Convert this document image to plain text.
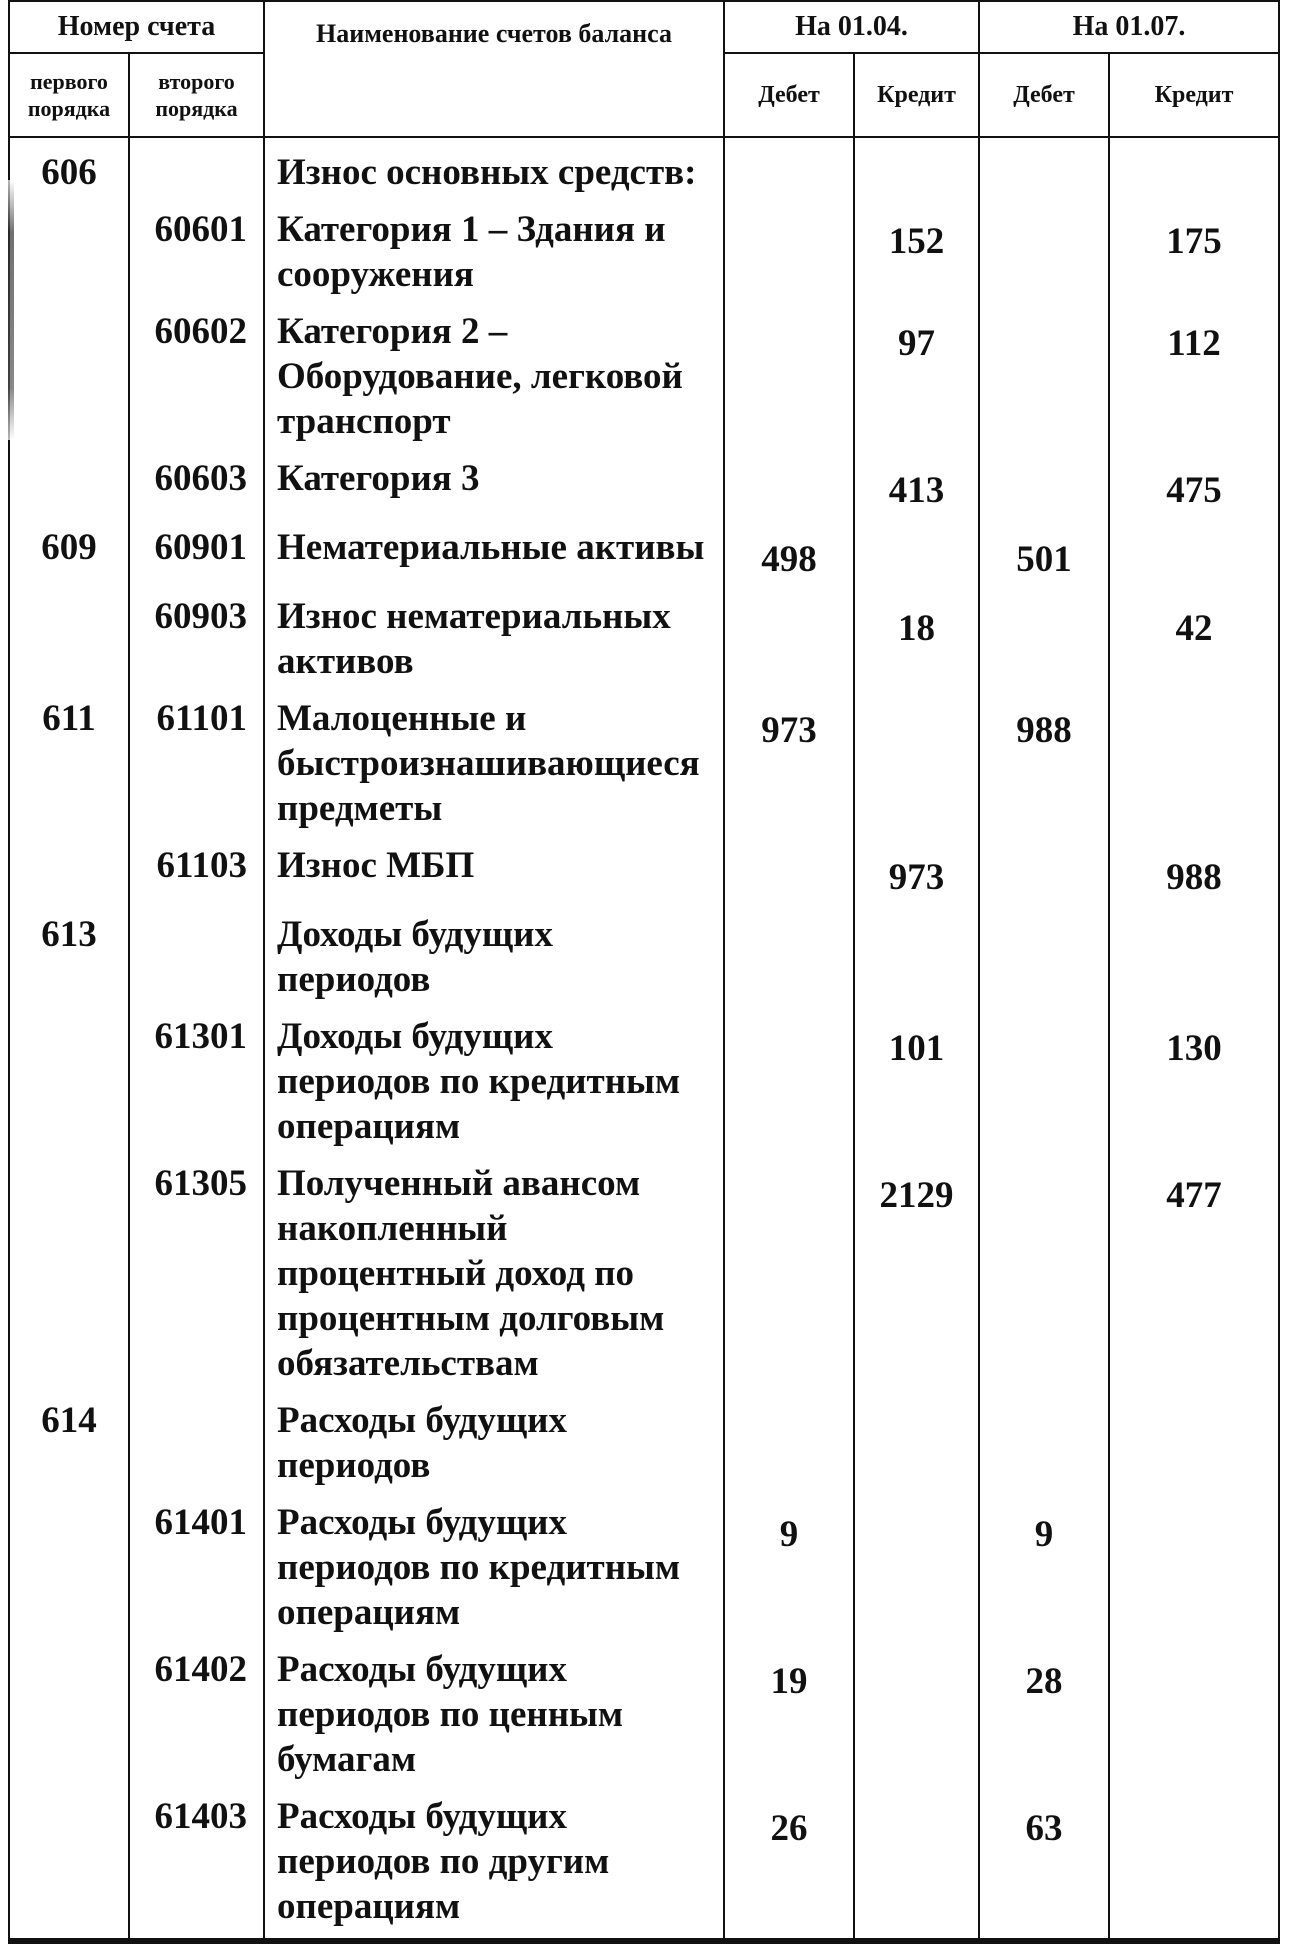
Номер счета		Наименование счетов баланса	На 01.04.		На 01.07.	
первого порядка	второго порядка		Дебет	Кредит	Дебет	Кредит
606		Износ основных средств:				
	60601	Категория 1 – Здания и сооружения		152		175
	60602	Категория 2 – Оборудование, легковой транспорт		97		112
	60603	Категория 3		413		475
609	60901	Нематериальные активы	498		501	
	60903	Износ нематериальных активов		18		42
611	61101	Малоценные и быстроизнашивающиеся предметы	973		988	
	61103	Износ МБП		973		988
613		Доходы будущих периодов				
	61301	Доходы будущих периодов по кредитным операциям		101		130
	61305	Полученный авансом накопленный процентный доход по процентным долговым обязательствам		2129		477
614		Расходы будущих периодов				
	61401	Расходы будущих периодов по кредитным операциям	9		9	
	61402	Расходы будущих периодов по ценным бумагам	19		28	
	61403	Расходы будущих периодов по другим операциям	26		63	
